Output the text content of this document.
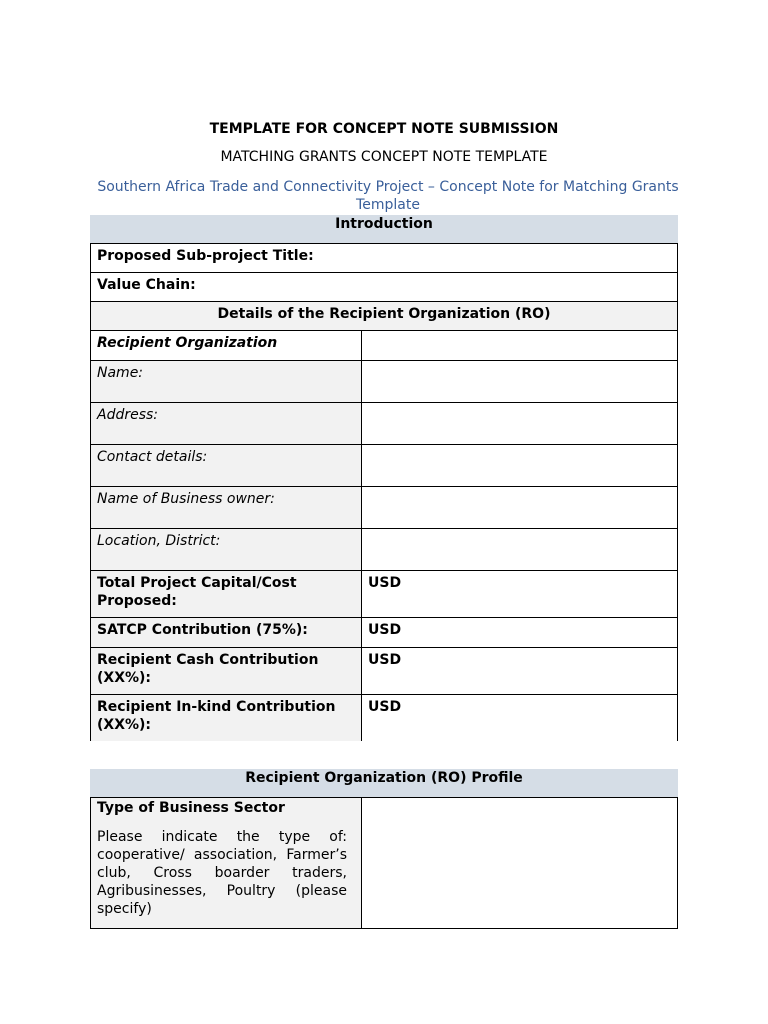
TEMPLATE FOR CONCEPT NOTE SUBMISSION
MATCHING GRANTS CONCEPT NOTE TEMPLATE
Southern Africa Trade and Connectivity Project – Concept Note for Matching Grants Template
Introduction
Proposed Sub-project Title:
Value Chain:
Details of the Recipient Organization (RO)
Recipient Organization
Name:
Address:
Contact details:
Name of Business owner:
Location, District:
Total Project Capital/Cost Proposed:
USD
SATCP Contribution (75%):	USD
Recipient Cash Contribution (XX%):
USD
Recipient In-kind Contribution (XX%):
USD
Recipient Organization (RO) Profile
Type of Business Sector
Please indicate the type of: cooperative/ association, Farmer’s club, Cross boarder traders, Agribusinesses, Poultry (please specify)
